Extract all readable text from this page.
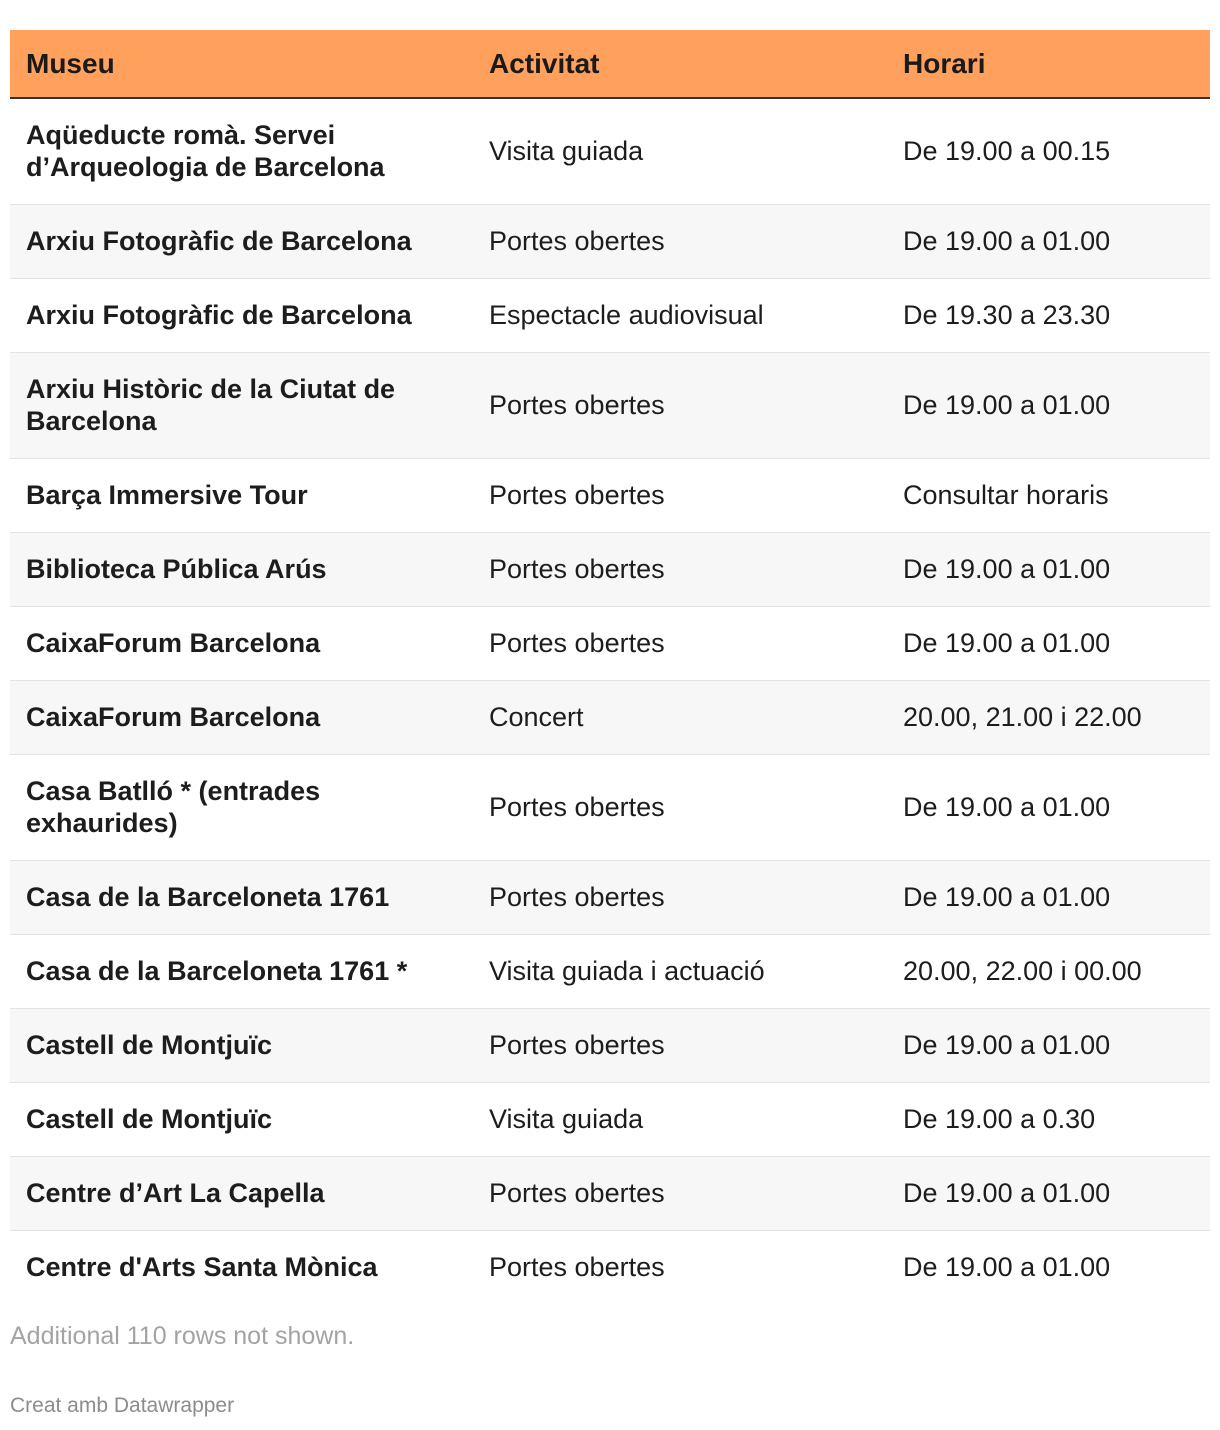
Museu	Activitat	Horari
Aqüeducte romà. Servei d’Arqueologia de Barcelona	Visita guiada	De 19.00 a 00.15
Arxiu Fotogràfic de Barcelona	Portes obertes	De 19.00 a 01.00
Arxiu Fotogràfic de Barcelona	Espectacle audiovisual	De 19.30 a 23.30
Arxiu Històric de la Ciutat de Barcelona	Portes obertes	De 19.00 a 01.00
Barça Immersive Tour	Portes obertes	Consultar horaris
Biblioteca Pública Arús	Portes obertes	De 19.00 a 01.00
CaixaForum Barcelona	Portes obertes	De 19.00 a 01.00
CaixaForum Barcelona	Concert	20.00, 21.00 i 22.00
Casa Batlló * (entrades exhaurides)	Portes obertes	De 19.00 a 01.00
Casa de la Barceloneta 1761	Portes obertes	De 19.00 a 01.00
Casa de la Barceloneta 1761 *	Visita guiada i actuació	20.00, 22.00 i 00.00
Castell de Montjuïc	Portes obertes	De 19.00 a 01.00
Castell de Montjuïc	Visita guiada	De 19.00 a 0.30
Centre d’Art La Capella	Portes obertes	De 19.00 a 01.00
Centre d'Arts Santa Mònica	Portes obertes	De 19.00 a 01.00
Additional 110 rows not shown.
Creat amb Datawrapper
